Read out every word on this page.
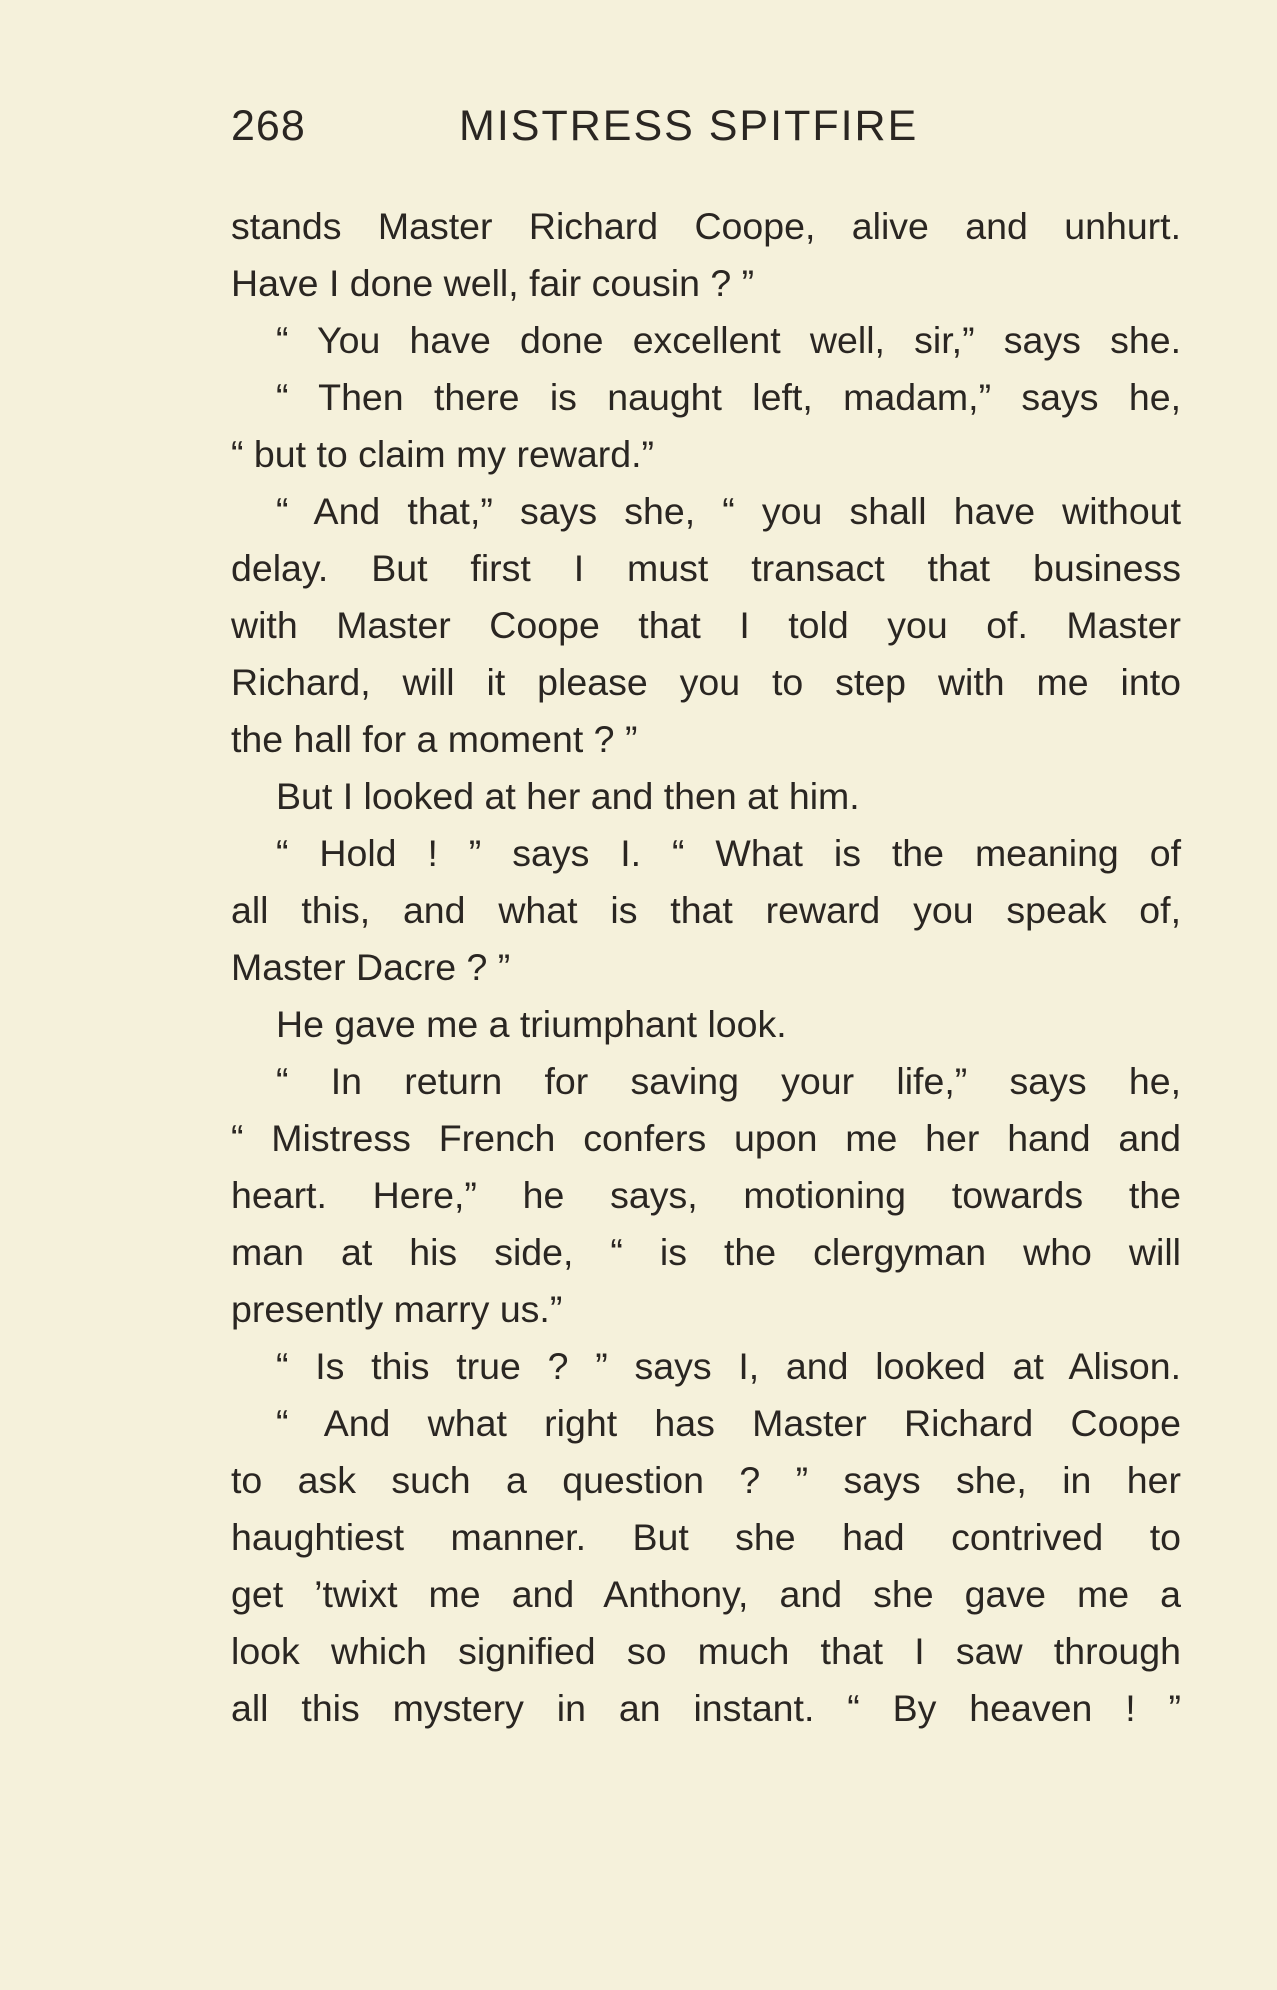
268	MISTRESS SPITFIRE
stands Master Richard Coope, alive and unhurt.
Have I done well, fair cousin ? ”
“ You have done excellent well, sir,” says she.
“ Then there is naught left, madam,” says he,
“ but to claim my reward.”
“ And that,” says she, “ you shall have without
delay. But first I must transact that business
with Master Coope that I told you of. Master
Richard, will it please you to step with me into
the hall for a moment ? ”
But I looked at her and then at him.
“ Hold ! ” says I. “ What is the meaning of
all this, and what is that reward you speak of,
Master Dacre ? ”
He gave me a triumphant look.
“ In return for saving your life,” says he,
“ Mistress French confers upon me her hand and
heart. Here,” he says, motioning towards the
man at his side, “ is the clergyman who will
presently marry us.”
“ Is this true ? ” says I, and looked at Alison.
“ And what right has Master Richard Coope
to ask such a question ? ” says she, in her
haughtiest manner. But she had contrived to
get ’twixt me and Anthony, and she gave me a
look which signified so much that I saw through
all this mystery in an instant. “ By heaven ! ”
